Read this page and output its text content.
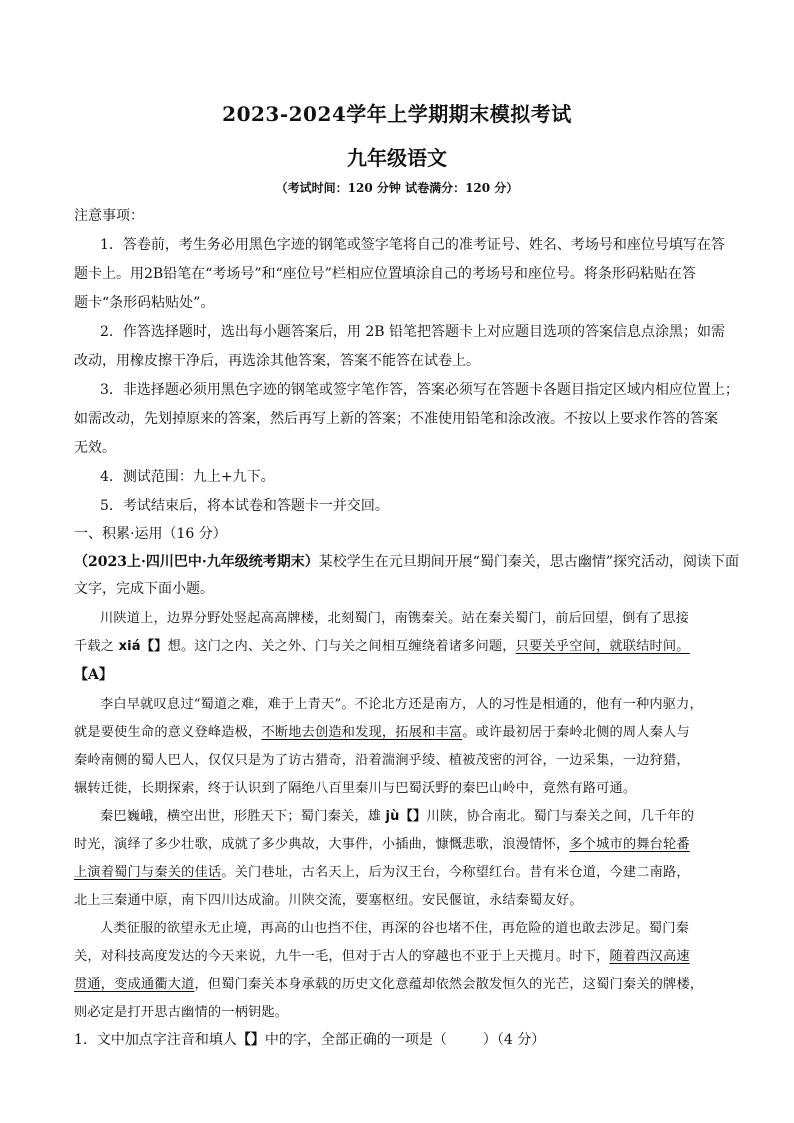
2023-2024学年上学期期末模拟考试
九年级语文
（考试时间：120 分钟 试卷满分：120 分）
注意事项：
1．答卷前，考生务必用黑色字迹的钢笔或签字笔将自己的准考证号、姓名、考场号和座位号填写在答
题卡上。用2B铅笔在“考场号”和“座位号”栏相应位置填涂自己的考场号和座位号。将条形码粘贴在答
题卡“条形码粘贴处”。
2．作答选择题时，选出每小题答案后，用 2B 铅笔把答题卡上对应题目选项的答案信息点涂黑；如需
改动，用橡皮擦干净后，再选涂其他答案，答案不能答在试卷上。
3．非选择题必须用黑色字迹的钢笔或签字笔作答，答案必须写在答题卡各题目指定区域内相应位置上；
如需改动，先划掉原来的答案，然后再写上新的答案；不准使用铅笔和涂改液。不按以上要求作答的答案
无效。
4．测试范围：九上+九下。
5．考试结束后，将本试卷和答题卡一并交回。
一、积累·运用（16 分）
（2023上·四川巴中·九年级统考期末）某校学生在元旦期间开展“蜀门秦关，思古幽情”探究活动，阅读下面
文字，完成下面小题。
川陕道上，边界分野处竖起高高牌楼，北刻蜀门，南镌秦关。站在秦关蜀门，前后回望，倒有了思接
千载之 xiá【】想。这门之内、关之外、门与关之间相互缠绕着诸多问题，只要关乎空间，就联结时间。
【A】
李白早就叹息过“蜀道之难，难于上青天”。不论北方还是南方，人的习性是相通的，他有一种内驱力，
就是要使生命的意义登峰造极，不断地去创造和发现，拓展和丰富。或许最初居于秦岭北侧的周人秦人与
秦岭南侧的蜀人巴人，仅仅只是为了访古猎奇，沿着湍涧乎绫、植被茂密的河谷，一边采集，一边狩猎，
辗转迁徙，长期探索，终于认识到了隔绝八百里秦川与巴蜀沃野的秦巴山岭中，竟然有路可通。
秦巴巍峨，横空出世，形胜天下；蜀门秦关，雄 jù【】川陕，协合南北。蜀门与秦关之间，几千年的
时光，演绎了多少壮歌，成就了多少典故，大事件，小插曲，慷慨悲歌，浪漫情怀，多个城市的舞台轮番
上演着蜀门与秦关的佳话。关门巷址，古名天上，后为汉王台，今称望红台。昔有米仓道，今建二南路，
北上三秦通中原，南下四川达成渝。川陕交流，要塞枢纽。安民偃谊，永结秦蜀友好。
人类征服的欲望永无止境，再高的山也挡不住，再深的谷也堵不住，再危险的道也敢去涉足。蜀门秦
关，对科技高度发达的今天来说，九牛一毛，但对于古人的穿越也不亚于上天揽月。时下，随着西汉高速
贯通，变成通衢大道，但蜀门秦关本身承载的历史文化意蕴却依然会散发恒久的光芒，这蜀门秦关的牌楼，
则必定是打开思古幽情的一柄钥匙。
1．文中加点字注音和填人【】中的字，全部正确的一项是（	）（4 分）
